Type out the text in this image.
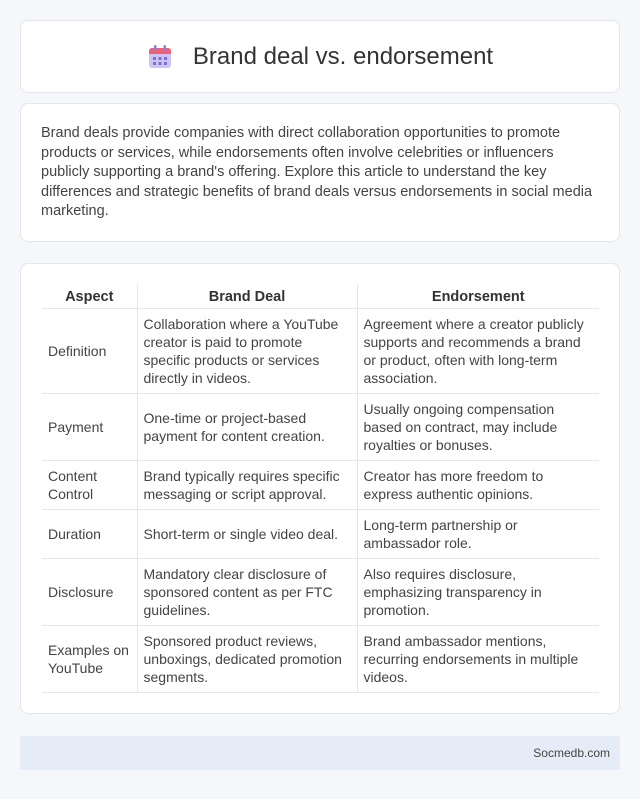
Brand deal vs. endorsement

Brand deals provide companies with direct collaboration opportunities to promote products or services, while endorsements often involve celebrities or influencers publicly supporting a brand's offering. Explore this article to understand the key differences and strategic benefits of brand deals versus endorsements in social media marketing.

Aspect	Brand Deal	Endorsement
Definition	Collaboration where a YouTube creator is paid to promote specific products or services directly in videos.	Agreement where a creator publicly supports and recommends a brand or product, often with long-term association.
Payment	One-time or project-based payment for content creation.	Usually ongoing compensation based on contract, may include royalties or bonuses.
Content Control	Brand typically requires specific messaging or script approval.	Creator has more freedom to express authentic opinions.
Duration	Short-term or single video deal.	Long-term partnership or ambassador role.
Disclosure	Mandatory clear disclosure of sponsored content as per FTC guidelines.	Also requires disclosure, emphasizing transparency in promotion.
Examples on YouTube	Sponsored product reviews, unboxings, dedicated promotion segments.	Brand ambassador mentions, recurring endorsements in multiple videos.
Socmedb.com
